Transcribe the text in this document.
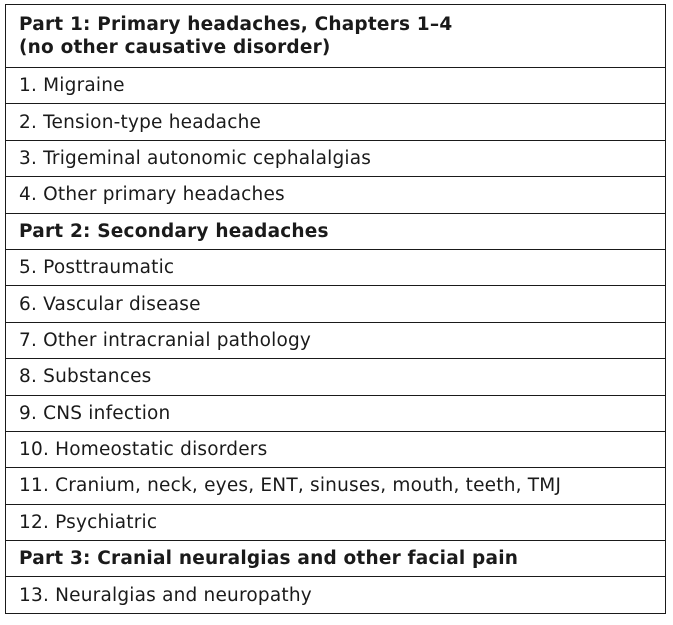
Part 1: Primary headaches, Chapters 1–4
(no other causative disorder)
1. Migraine
2. Tension-type headache
3. Trigeminal autonomic cephalalgias
4. Other primary headaches
Part 2: Secondary headaches
5. Posttraumatic
6. Vascular disease
7. Other intracranial pathology
8. Substances
9. CNS infection
10. Homeostatic disorders
11. Cranium, neck, eyes, ENT, sinuses, mouth, teeth, TMJ
12. Psychiatric
Part 3: Cranial neuralgias and other facial pain
13. Neuralgias and neuropathy
